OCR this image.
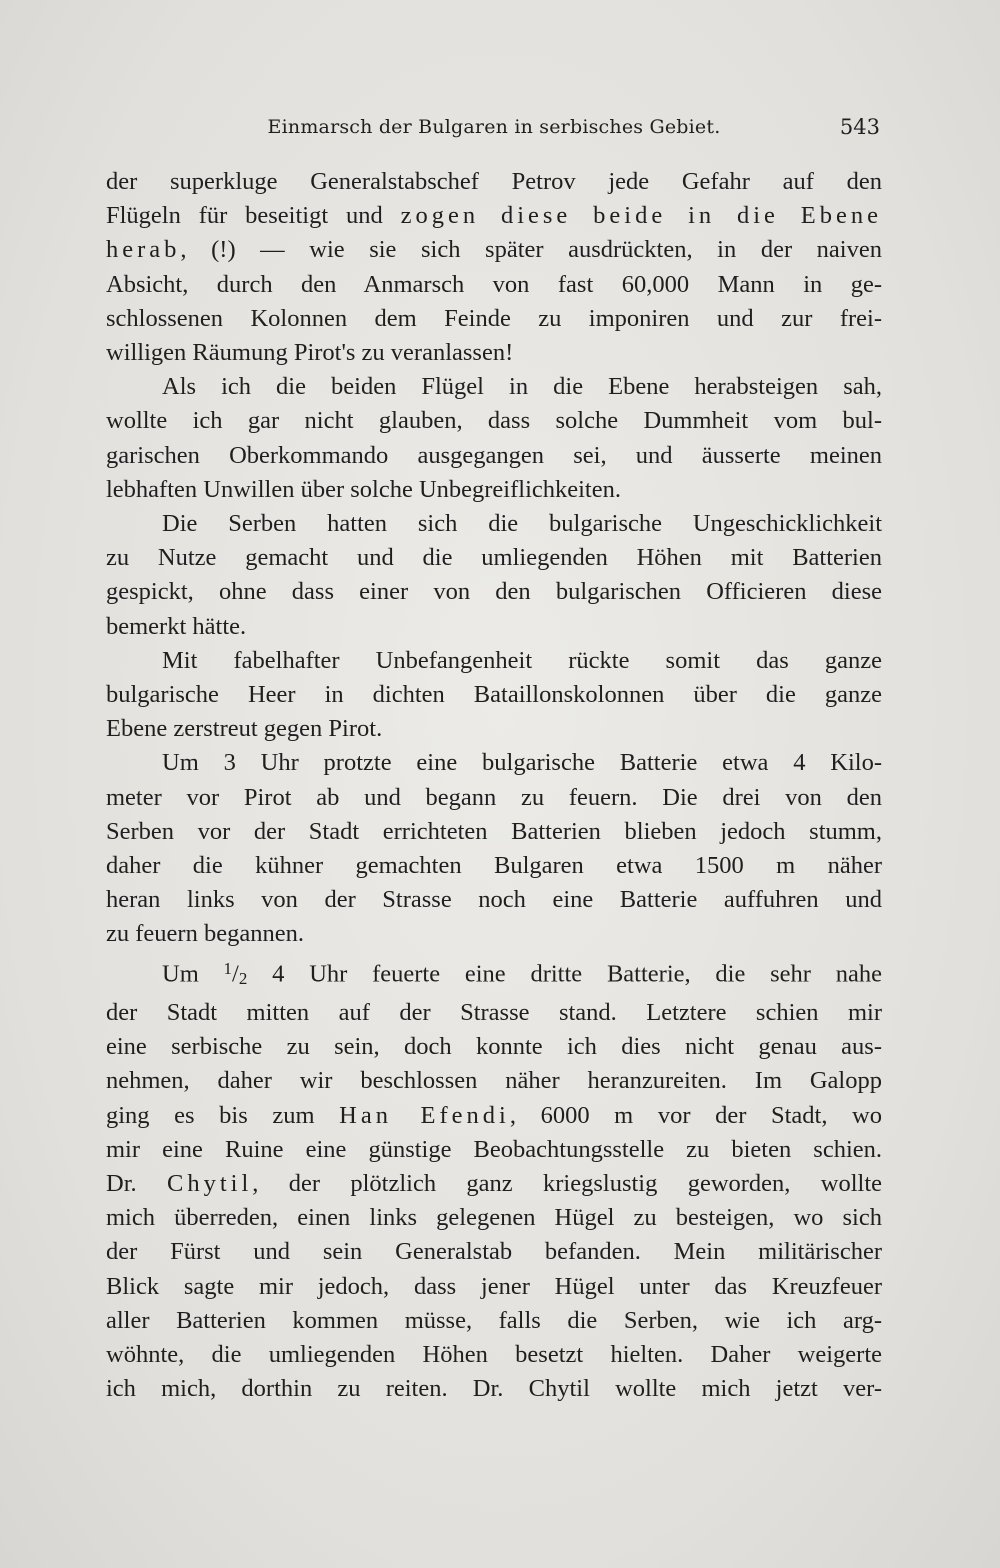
Einmarsch der Bulgaren in serbisches Gebiet.	543

der superkluge Generalstabschef Petrov jede Gefahr auf den
Flügeln für beseitigt und zogen diese beide in die Ebene
herab, (!) — wie sie sich später ausdrückten, in der naiven
Absicht, durch den Anmarsch von fast 60,000 Mann in ge-
schlossenen Kolonnen dem Feinde zu imponiren und zur frei-
willigen Räumung Pirot's zu veranlassen!

Als ich die beiden Flügel in die Ebene herabsteigen sah,
wollte ich gar nicht glauben, dass solche Dummheit vom bul-
garischen Oberkommando ausgegangen sei, und äusserte meinen
lebhaften Unwillen über solche Unbegreiflichkeiten.

Die Serben hatten sich die bulgarische Ungeschicklichkeit
zu Nutze gemacht und die umliegenden Höhen mit Batterien
gespickt, ohne dass einer von den bulgarischen Officieren diese
bemerkt hätte.

Mit fabelhafter Unbefangenheit rückte somit das ganze
bulgarische Heer in dichten Bataillonskolonnen über die ganze
Ebene zerstreut gegen Pirot.

Um 3 Uhr protzte eine bulgarische Batterie etwa 4 Kilo-
meter vor Pirot ab und begann zu feuern. Die drei von den
Serben vor der Stadt errichteten Batterien blieben jedoch stumm,
daher die kühner gemachten Bulgaren etwa 1500 m näher
heran links von der Strasse noch eine Batterie auffuhren und
zu feuern begannen.

Um $^1$/2 4 Uhr feuerte eine dritte Batterie, die sehr nahe
der Stadt mitten auf der Strasse stand. Letztere schien mir
eine serbische zu sein, doch konnte ich dies nicht genau aus-
nehmen, daher wir beschlossen näher heranzureiten. Im Galopp
ging es bis zum Han Efendi, 6000 m vor der Stadt, wo
mir eine Ruine eine günstige Beobachtungsstelle zu bieten schien.
Dr. Chytil, der plötzlich ganz kriegslustig geworden, wollte
mich überreden, einen links gelegenen Hügel zu besteigen, wo sich
der Fürst und sein Generalstab befanden. Mein militärischer
Blick sagte mir jedoch, dass jener Hügel unter das Kreuzfeuer
aller Batterien kommen müsse, falls die Serben, wie ich arg-
wöhnte, die umliegenden Höhen besetzt hielten. Daher weigerte
ich mich, dorthin zu reiten. Dr. Chytil wollte mich jetzt ver-
